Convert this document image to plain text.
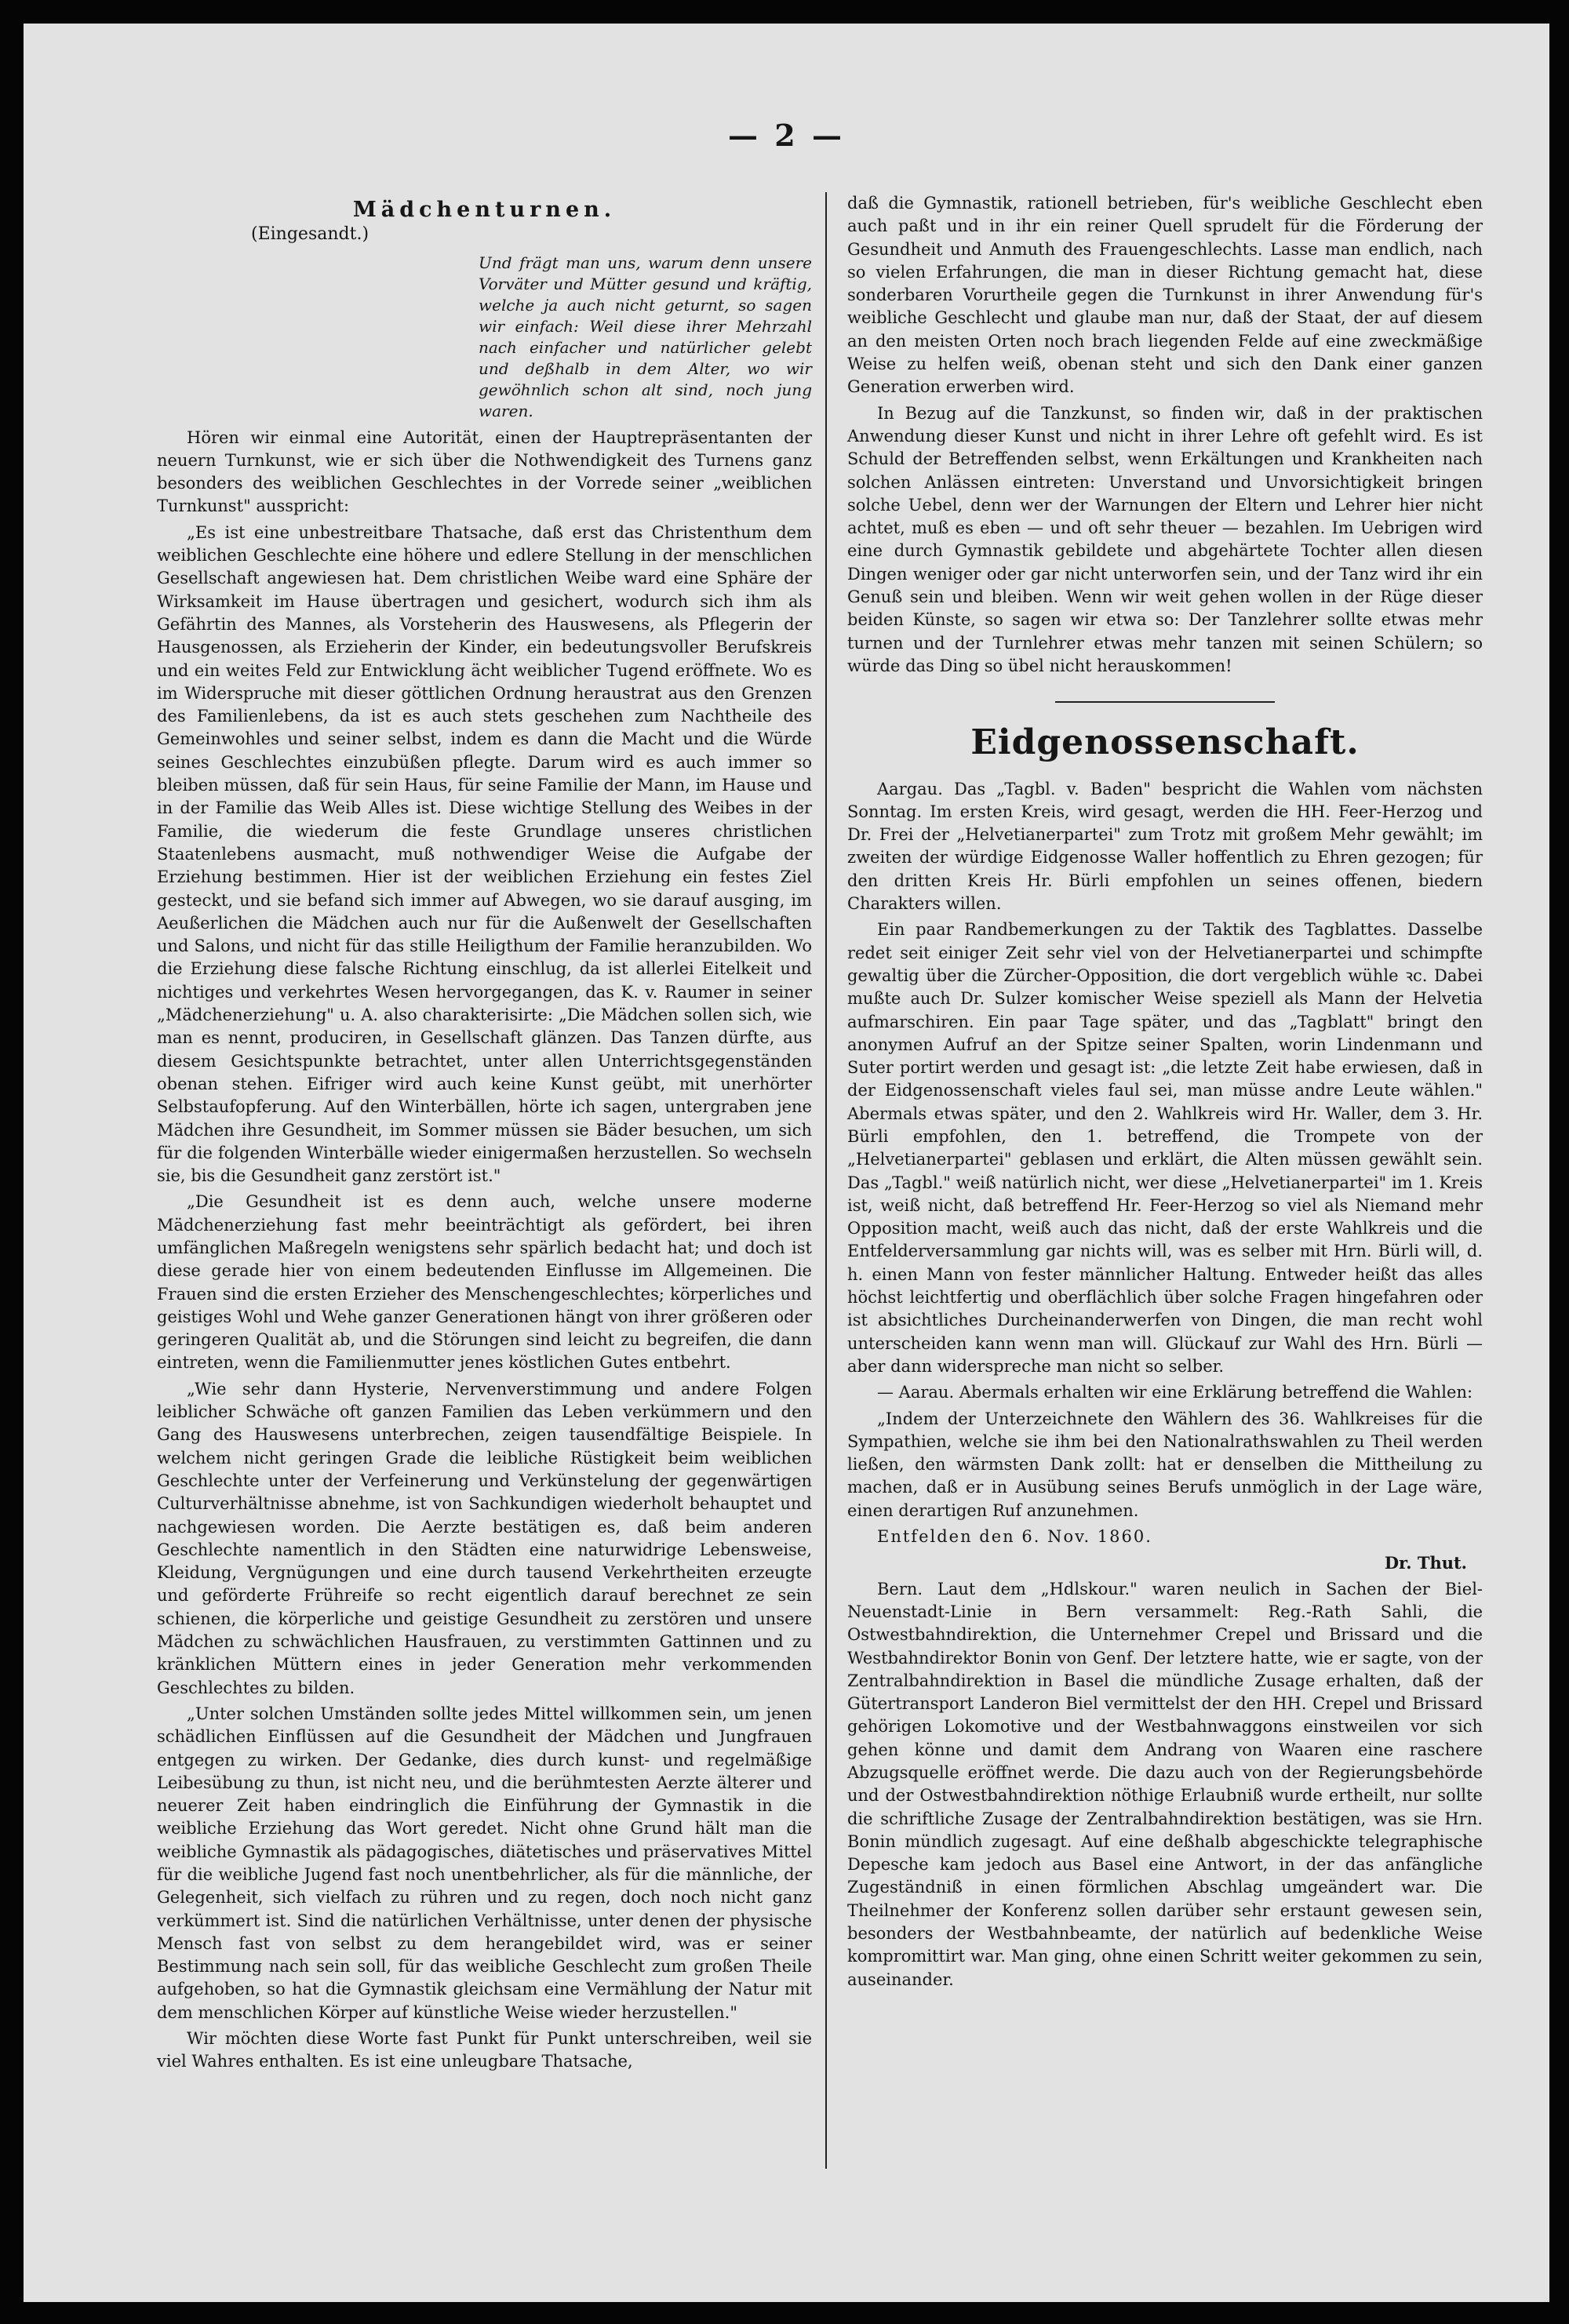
— 2 —
Mädchenturnen.
(Eingesandt.)

Und frägt man uns, warum denn unsere Vorväter und Mütter gesund und kräftig, welche ja auch nicht geturnt, so sagen wir einfach: Weil diese ihrer Mehrzahl nach einfacher und natürlicher gelebt und deßhalb in dem Alter, wo wir gewöhnlich schon alt sind, noch jung waren.

Hören wir einmal eine Autorität, einen der Hauptrepräsentanten der neuern Turnkunst, wie er sich über die Nothwendigkeit des Turnens ganz besonders des weiblichen Geschlechtes in der Vorrede seiner „weiblichen Turnkunst" ausspricht:

„Es ist eine unbestreitbare Thatsache, daß erst das Christenthum dem weiblichen Geschlechte eine höhere und edlere Stellung in der menschlichen Gesellschaft angewiesen hat. Dem christlichen Weibe ward eine Sphäre der Wirksamkeit im Hause übertragen und gesichert, wodurch sich ihm als Gefährtin des Mannes, als Vorsteherin des Hauswesens, als Pflegerin der Hausgenossen, als Erzieherin der Kinder, ein bedeutungsvoller Berufskreis und ein weites Feld zur Entwicklung ächt weiblicher Tugend eröffnete. Wo es im Widerspruche mit dieser göttlichen Ordnung heraustrat aus den Grenzen des Familienlebens, da ist es auch stets geschehen zum Nachtheile des Gemeinwohles und seiner selbst, indem es dann die Macht und die Würde seines Geschlechtes einzubüßen pflegte. Darum wird es auch immer so bleiben müssen, daß für sein Haus, für seine Familie der Mann, im Hause und in der Familie das Weib Alles ist. Diese wichtige Stellung des Weibes in der Familie, die wiederum die feste Grundlage unseres christlichen Staatenlebens ausmacht, muß nothwendiger Weise die Aufgabe der Erziehung bestimmen. Hier ist der weiblichen Erziehung ein festes Ziel gesteckt, und sie befand sich immer auf Abwegen, wo sie darauf ausging, im Aeußerlichen die Mädchen auch nur für die Außenwelt der Gesellschaften und Salons, und nicht für das stille Heiligthum der Familie heranzubilden. Wo die Erziehung diese falsche Richtung einschlug, da ist allerlei Eitelkeit und nichtiges und verkehrtes Wesen hervorgegangen, das K. v. Raumer in seiner „Mädchenerziehung" u. A. also charakterisirte: „Die Mädchen sollen sich, wie man es nennt, produciren, in Gesellschaft glänzen. Das Tanzen dürfte, aus diesem Gesichtspunkte betrachtet, unter allen Unterrichtsgegenständen obenan stehen. Eifriger wird auch keine Kunst geübt, mit unerhörter Selbstaufopferung. Auf den Winterbällen, hörte ich sagen, untergraben jene Mädchen ihre Gesundheit, im Sommer müssen sie Bäder besuchen, um sich für die folgenden Winterbälle wieder einigermaßen herzustellen. So wechseln sie, bis die Gesundheit ganz zerstört ist."

„Die Gesundheit ist es denn auch, welche unsere moderne Mädchenerziehung fast mehr beeinträchtigt als gefördert, bei ihren umfänglichen Maßregeln wenigstens sehr spärlich bedacht hat; und doch ist diese gerade hier von einem bedeutenden Einflusse im Allgemeinen. Die Frauen sind die ersten Erzieher des Menschengeschlechtes; körperliches und geistiges Wohl und Wehe ganzer Generationen hängt von ihrer größeren oder geringeren Qualität ab, und die Störungen sind leicht zu begreifen, die dann eintreten, wenn die Familienmutter jenes köstlichen Gutes entbehrt.

„Wie sehr dann Hysterie, Nervenverstimmung und andere Folgen leiblicher Schwäche oft ganzen Familien das Leben verkümmern und den Gang des Hauswesens unterbrechen, zeigen tausendfältige Beispiele. In welchem nicht geringen Grade die leibliche Rüstigkeit beim weiblichen Geschlechte unter der Verfeinerung und Verkünstelung der gegenwärtigen Culturverhältnisse abnehme, ist von Sachkundigen wiederholt behauptet und nachgewiesen worden. Die Aerzte bestätigen es, daß beim anderen Geschlechte namentlich in den Städten eine naturwidrige Lebensweise, Kleidung, Vergnügungen und eine durch tausend Verkehrtheiten erzeugte und geförderte Frühreife so recht eigentlich darauf berechnet ze sein schienen, die körperliche und geistige Gesundheit zu zerstören und unsere Mädchen zu schwächlichen Hausfrauen, zu verstimmten Gattinnen und zu kränklichen Müttern eines in jeder Generation mehr verkommenden Geschlechtes zu bilden.

„Unter solchen Umständen sollte jedes Mittel willkommen sein, um jenen schädlichen Einflüssen auf die Gesundheit der Mädchen und Jungfrauen entgegen zu wirken. Der Gedanke, dies durch kunst- und regelmäßige Leibesübung zu thun, ist nicht neu, und die berühmtesten Aerzte älterer und neuerer Zeit haben eindringlich die Einführung der Gymnastik in die weibliche Erziehung das Wort geredet. Nicht ohne Grund hält man die weibliche Gymnastik als pädagogisches, diätetisches und präservatives Mittel für die weibliche Jugend fast noch unentbehrlicher, als für die männliche, der Gelegenheit, sich vielfach zu rühren und zu regen, doch noch nicht ganz verkümmert ist. Sind die natürlichen Verhältnisse, unter denen der physische Mensch fast von selbst zu dem herangebildet wird, was er seiner Bestimmung nach sein soll, für das weibliche Geschlecht zum großen Theile aufgehoben, so hat die Gymnastik gleichsam eine Vermählung der Natur mit dem menschlichen Körper auf künstliche Weise wieder herzustellen."

Wir möchten diese Worte fast Punkt für Punkt unterschreiben, weil sie viel Wahres enthalten. Es ist eine unleugbare Thatsache,

daß die Gymnastik, rationell betrieben, für's weibliche Geschlecht eben auch paßt und in ihr ein reiner Quell sprudelt für die Förderung der Gesundheit und Anmuth des Frauengeschlechts. Lasse man endlich, nach so vielen Erfahrungen, die man in dieser Richtung gemacht hat, diese sonderbaren Vorurtheile gegen die Turnkunst in ihrer Anwendung für's weibliche Geschlecht und glaube man nur, daß der Staat, der auf diesem an den meisten Orten noch brach liegenden Felde auf eine zweckmäßige Weise zu helfen weiß, obenan steht und sich den Dank einer ganzen Generation erwerben wird.

In Bezug auf die Tanzkunst, so finden wir, daß in der praktischen Anwendung dieser Kunst und nicht in ihrer Lehre oft gefehlt wird. Es ist Schuld der Betreffenden selbst, wenn Erkältungen und Krankheiten nach solchen Anlässen eintreten: Unverstand und Unvorsichtigkeit bringen solche Uebel, denn wer der Warnungen der Eltern und Lehrer hier nicht achtet, muß es eben — und oft sehr theuer — bezahlen. Im Uebrigen wird eine durch Gymnastik gebildete und abgehärtete Tochter allen diesen Dingen weniger oder gar nicht unterworfen sein, und der Tanz wird ihr ein Genuß sein und bleiben. Wenn wir weit gehen wollen in der Rüge dieser beiden Künste, so sagen wir etwa so: Der Tanzlehrer sollte etwas mehr turnen und der Turnlehrer etwas mehr tanzen mit seinen Schülern; so würde das Ding so übel nicht herauskommen!

Eidgenossenschaft.

Aargau. Das „Tagbl. v. Baden" bespricht die Wahlen vom nächsten Sonntag. Im ersten Kreis, wird gesagt, werden die HH. Feer-Herzog und Dr. Frei der „Helvetianerpartei" zum Trotz mit großem Mehr gewählt; im zweiten der würdige Eidgenosse Waller hoffentlich zu Ehren gezogen; für den dritten Kreis Hr. Bürli empfohlen un seines offenen, biedern Charakters willen.

Ein paar Randbemerkungen zu der Taktik des Tagblattes. Dasselbe redet seit einiger Zeit sehr viel von der Helvetianerpartei und schimpfte gewaltig über die Zürcher-Opposition, die dort vergeblich wühle ꝛc. Dabei mußte auch Dr. Sulzer komischer Weise speziell als Mann der Helvetia aufmarschiren. Ein paar Tage später, und das „Tagblatt" bringt den anonymen Aufruf an der Spitze seiner Spalten, worin Lindenmann und Suter portirt werden und gesagt ist: „die letzte Zeit habe erwiesen, daß in der Eidgenossenschaft vieles faul sei, man müsse andre Leute wählen." Abermals etwas später, und den 2. Wahlkreis wird Hr. Waller, dem 3. Hr. Bürli empfohlen, den 1. betreffend, die Trompete von der „Helvetianerpartei" geblasen und erklärt, die Alten müssen gewählt sein. Das „Tagbl." weiß natürlich nicht, wer diese „Helvetianerpartei" im 1. Kreis ist, weiß nicht, daß betreffend Hr. Feer-Herzog so viel als Niemand mehr Opposition macht, weiß auch das nicht, daß der erste Wahlkreis und die Entfelderversammlung gar nichts will, was es selber mit Hrn. Bürli will, d. h. einen Mann von fester männlicher Haltung. Entweder heißt das alles höchst leichtfertig und oberflächlich über solche Fragen hingefahren oder ist absichtliches Durcheinanderwerfen von Dingen, die man recht wohl unterscheiden kann wenn man will. Glückauf zur Wahl des Hrn. Bürli — aber dann widerspreche man nicht so selber.

— Aarau. Abermals erhalten wir eine Erklärung betreffend die Wahlen:

„Indem der Unterzeichnete den Wählern des 36. Wahlkreises für die Sympathien, welche sie ihm bei den Nationalrathswahlen zu Theil werden ließen, den wärmsten Dank zollt: hat er denselben die Mittheilung zu machen, daß er in Ausübung seines Berufs unmöglich in der Lage wäre, einen derartigen Ruf anzunehmen.

Entfelden den 6. Nov. 1860.

Dr. Thut.

Bern. Laut dem „Hdlskour." waren neulich in Sachen der Biel-Neuenstadt-Linie in Bern versammelt: Reg.-Rath Sahli, die Ostwestbahndirektion, die Unternehmer Crepel und Brissard und die Westbahndirektor Bonin von Genf. Der letztere hatte, wie er sagte, von der Zentralbahndirektion in Basel die mündliche Zusage erhalten, daß der Gütertransport Landeron Biel vermittelst der den HH. Crepel und Brissard gehörigen Lokomotive und der Westbahnwaggons einstweilen vor sich gehen könne und damit dem Andrang von Waaren eine raschere Abzugsquelle eröffnet werde. Die dazu auch von der Regierungsbehörde und der Ostwestbahndirektion nöthige Erlaubniß wurde ertheilt, nur sollte die schriftliche Zusage der Zentralbahndirektion bestätigen, was sie Hrn. Bonin mündlich zugesagt. Auf eine deßhalb abgeschickte telegraphische Depesche kam jedoch aus Basel eine Antwort, in der das anfängliche Zugeständniß in einen förmlichen Abschlag umgeändert war. Die Theilnehmer der Konferenz sollen darüber sehr erstaunt gewesen sein, besonders der Westbahnbeamte, der natürlich auf bedenkliche Weise kompromittirt war. Man ging, ohne einen Schritt weiter gekommen zu sein, auseinander.
